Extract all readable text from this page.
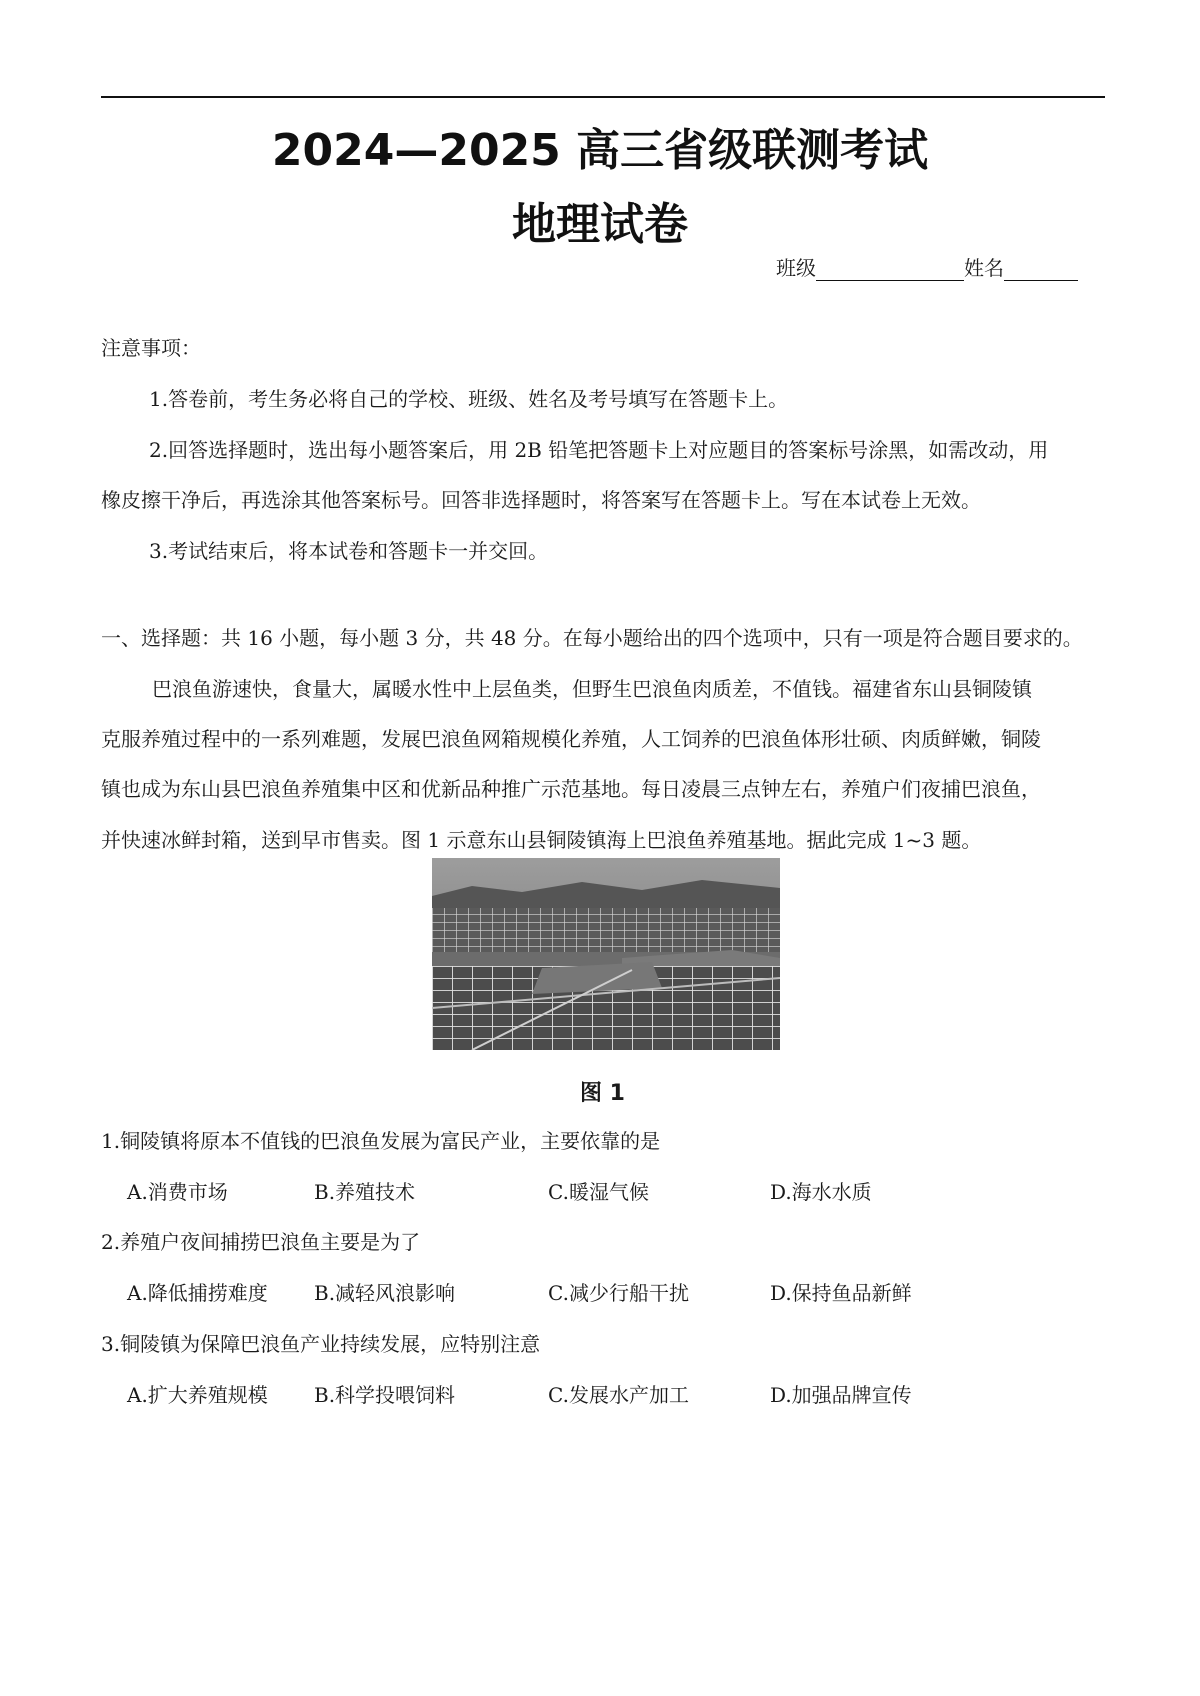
2024—2025 高三省级联测考试
地理试卷
班级	姓名
注意事项：
1.答卷前，考生务必将自己的学校、班级、姓名及考号填写在答题卡上。
2.回答选择题时，选出每小题答案后，用 2B 铅笔把答题卡上对应题目的答案标号涂黑，如需改动，用
橡皮擦干净后，再选涂其他答案标号。回答非选择题时，将答案写在答题卡上。写在本试卷上无效。
3.考试结束后，将本试卷和答题卡一并交回。
一、选择题：共 16 小题，每小题 3 分，共 48 分。在每小题给出的四个选项中，只有一项是符合题目要求的。
巴浪鱼游速快，食量大，属暖水性中上层鱼类，但野生巴浪鱼肉质差，不值钱。福建省东山县铜陵镇
克服养殖过程中的一系列难题，发展巴浪鱼网箱规模化养殖，人工饲养的巴浪鱼体形壮硕、肉质鲜嫩，铜陵
镇也成为东山县巴浪鱼养殖集中区和优新品种推广示范基地。每日凌晨三点钟左右，养殖户们夜捕巴浪鱼，
并快速冰鲜封箱，送到早市售卖。图 1 示意东山县铜陵镇海上巴浪鱼养殖基地。据此完成 1~3 题。
图 1
1.铜陵镇将原本不值钱的巴浪鱼发展为富民产业，主要依靠的是
A.消费市场	B.养殖技术	C.暖湿气候	D.海水水质
2.养殖户夜间捕捞巴浪鱼主要是为了
A.降低捕捞难度 B.减轻风浪影响	C.减少行船干扰	D.保持鱼品新鲜
3.铜陵镇为保障巴浪鱼产业持续发展，应特别注意
A.扩大养殖规模 B.科学投喂饲料	C.发展水产加工	D.加强品牌宣传
